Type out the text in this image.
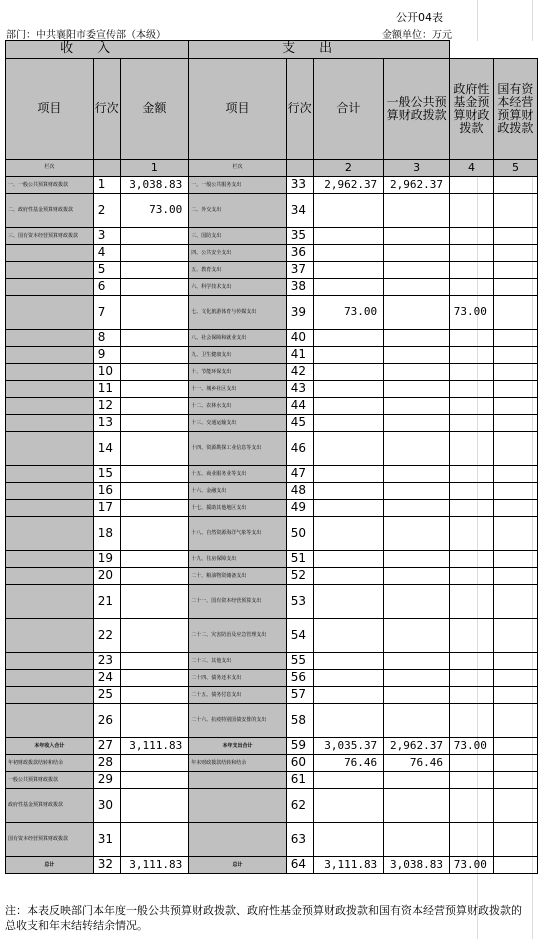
公开04表
部门：中共襄阳市委宣传部（本级）	金额单位：万元
收入			支出					
项目	行次	金额	项目	行次	合计	一般公共预算财政拨款	政府性基金预算财政拨款	国有资本经营预算财政拨款
栏次		1	栏次		2	3	4	5
一、一般公共预算财政拨款	1	3,038.83	一、一般公共服务支出	33	2,962.37	2,962.37		
二、政府性基金预算财政拨款	2	73.00	二、外交支出	34				
三、国有资本经营预算财政拨款	3		三、国防支出	35				
	4		四、公共安全支出	36				
	5		五、教育支出	37				
	6		六、科学技术支出	38				
	7		七、文化旅游体育与传媒支出	39	73.00		73.00	
	8		八、社会保障和就业支出	40				
	9		九、卫生健康支出	41				
	10		十、节能环保支出	42				
	11		十一、城乡社区支出	43				
	12		十二、农林水支出	44				
	13		十三、交通运输支出	45				
	14		十四、资源勘探工业信息等支出	46				
	15		十五、商业服务业等支出	47				
	16		十六、金融支出	48				
	17		十七、援助其他地区支出	49				
	18		十八、自然资源海洋气象等支出	50				
	19		十九、住房保障支出	51				
	20		二十、粮油物资储备支出	52				
	21		二十一、国有资本经营预算支出	53				
	22		二十二、灾害防治及应急管理支出	54				
	23		二十三、其他支出	55				
	24		二十四、债务还本支出	56				
	25		二十五、债务付息支出	57				
	26		二十六、抗疫特别国债安排的支出	58				
本年收入合计	27	3,111.83	本年支出合计	59	3,035.37	2,962.37	73.00	
年初财政拨款结转和结余	28		年末财政拨款结转和结余	60	76.46	76.46		
一般公共预算财政拨款	29			61				
政府性基金预算财政拨款	30			62				
国有资本经营预算财政拨款	31			63				
总计	32	3,111.83	总计	64	3,111.83	3,038.83	73.00	
注：本表反映部门本年度一般公共预算财政拨款、政府性基金预算财政拨款和国有资本经营预算财政拨款的总收支和年末结转结余情况。
